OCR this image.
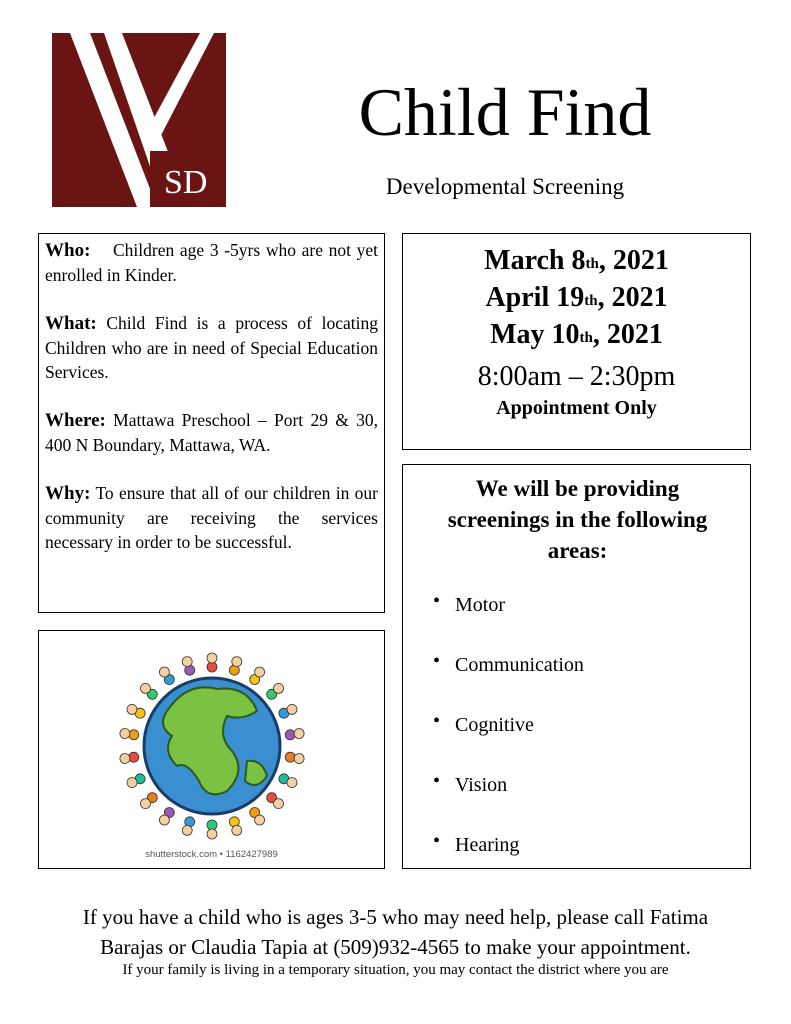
SD
Child Find
Developmental Screening

Who: Children age 3 -5yrs who are not yet enrolled in Kinder.

What: Child Find is a process of locating Children who are in need of Special Education Services.

Where: Mattawa Preschool – Port 29 & 30, 400 N Boundary, Mattawa, WA.

Why: To ensure that all of our children in our community are receiving the services necessary in order to be successful.

shutterstock.com • 1162427989
March 8th, 2021
April 19th, 2021
May 10th, 2021
8:00am – 2:30pm
Appointment Only
We will be providing
screenings in the following
areas:
• Motor
• Communication
• Cognitive
• Vision
• Hearing
If you have a child who is ages 3-5 who may need help, please call Fatima
Barajas or Claudia Tapia at (509)932-4565 to make your appointment.
If your family is living in a temporary situation, you may contact the district where you are
